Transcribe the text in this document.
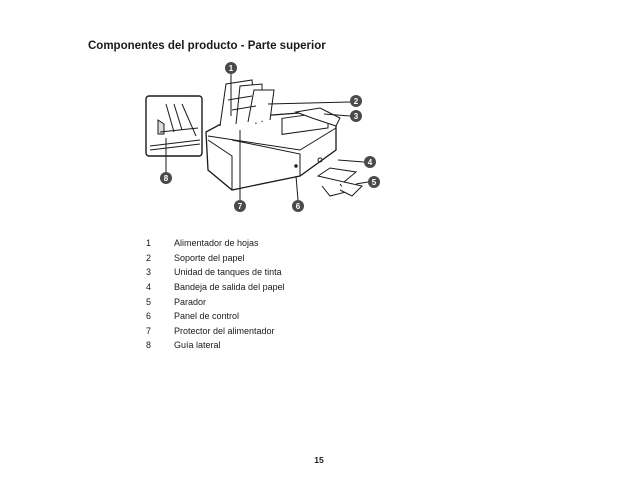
Componentes del producto - Parte superior
1
2
3
4
5
6
7
8
1	Alimentador de hojas
2	Soporte del papel
3	Unidad de tanques de tinta
4	Bandeja de salida del papel
5	Parador
6	Panel de control
7	Protector del alimentador
8	Guía lateral
15
